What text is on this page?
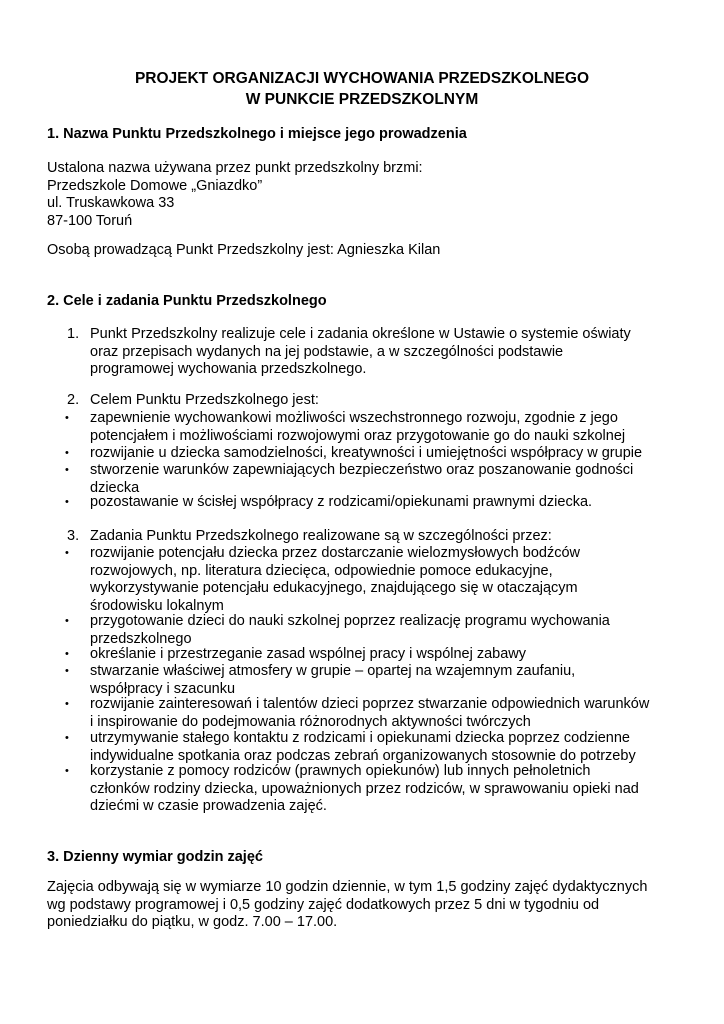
PROJEKT ORGANIZACJI WYCHOWANIA PRZEDSZKOLNEGO
W PUNKCIE PRZEDSZKOLNYM
1. Nazwa Punktu Przedszkolnego i miejsce jego prowadzenia
Ustalona nazwa używana przez punkt przedszkolny brzmi:
Przedszkole Domowe „Gniazdko”
ul. Truskawkowa 33
87-100 Toruń
Osobą prowadzącą Punkt Przedszkolny jest: Agnieszka Kilan
2. Cele i zadania Punktu Przedszkolnego
1. Punkt Przedszkolny realizuje cele i zadania określone w Ustawie o systemie oświaty
oraz przepisach wydanych na jej podstawie, a w szczególności podstawie
programowej wychowania przedszkolnego.
2. Celem Punktu Przedszkolnego jest:
• zapewnienie wychowankowi możliwości wszechstronnego rozwoju, zgodnie z jego
potencjałem i możliwościami rozwojowymi oraz przygotowanie go do nauki szkolnej
• rozwijanie u dziecka samodzielności, kreatywności i umiejętności współpracy w grupie
• stworzenie warunków zapewniających bezpieczeństwo oraz poszanowanie godności
dziecka
• pozostawanie w ścisłej współpracy z rodzicami/opiekunami prawnymi dziecka.
3. Zadania Punktu Przedszkolnego realizowane są w szczególności przez:
• rozwijanie potencjału dziecka przez dostarczanie wielozmysłowych bodźców
rozwojowych, np. literatura dziecięca, odpowiednie pomoce edukacyjne,
wykorzystywanie potencjału edukacyjnego, znajdującego się w otaczającym
środowisku lokalnym
• przygotowanie dzieci do nauki szkolnej poprzez realizację programu wychowania
przedszkolnego
• określanie i przestrzeganie zasad wspólnej pracy i wspólnej zabawy
• stwarzanie właściwej atmosfery w grupie – opartej na wzajemnym zaufaniu,
współpracy i szacunku
• rozwijanie zainteresowań i talentów dzieci poprzez stwarzanie odpowiednich warunków
i inspirowanie do podejmowania różnorodnych aktywności twórczych
• utrzymywanie stałego kontaktu z rodzicami i opiekunami dziecka poprzez codzienne
indywidualne spotkania oraz podczas zebrań organizowanych stosownie do potrzeby
• korzystanie z pomocy rodziców (prawnych opiekunów) lub innych pełnoletnich
członków rodziny dziecka, upoważnionych przez rodziców, w sprawowaniu opieki nad
dziećmi w czasie prowadzenia zajęć.
3. Dzienny wymiar godzin zajęć
Zajęcia odbywają się w wymiarze 10 godzin dziennie, w tym 1,5 godziny zajęć dydaktycznych
wg podstawy programowej i 0,5 godziny zajęć dodatkowych przez 5 dni w tygodniu od
poniedziałku do piątku, w godz. 7.00 – 17.00.
